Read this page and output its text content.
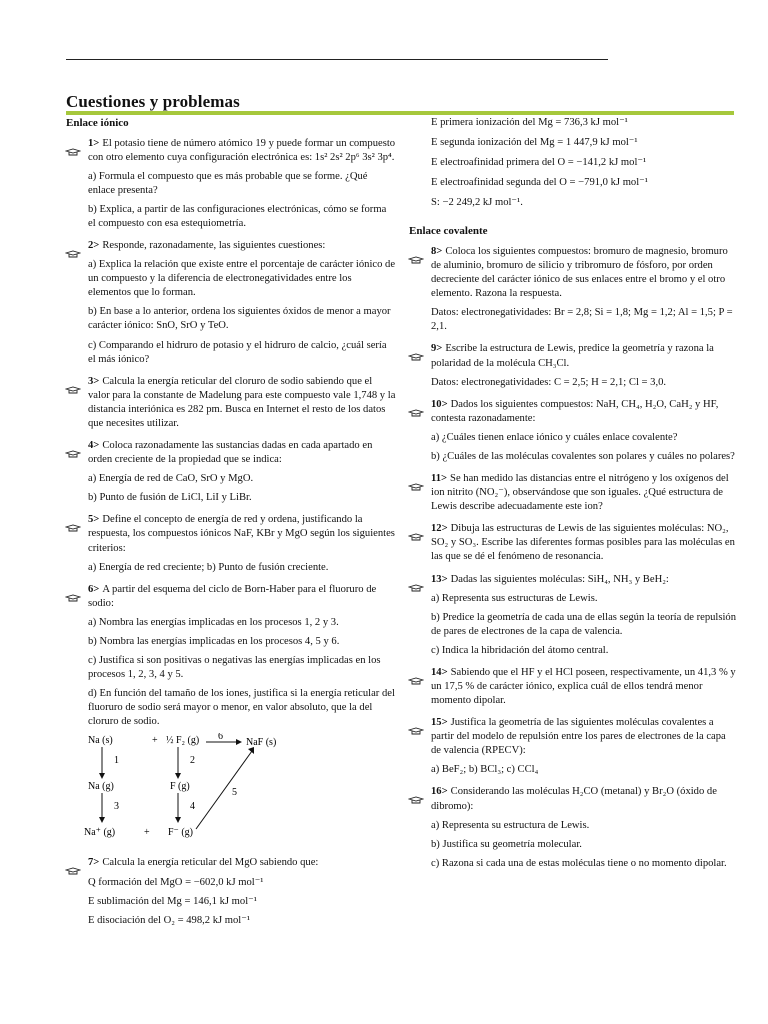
Cuestiones y problemas
Enlace iónico
1> El potasio tiene de número atómico 19 y puede formar un compuesto con otro elemento cuya configuración electrónica es: 1s² 2s² 2p⁶ 3s² 3p⁴.
a) Formula el compuesto que es más probable que se forme. ¿Qué enlace presenta?
b) Explica, a partir de las configuraciones electrónicas, cómo se forma el compuesto con esa estequiometría.
2> Responde, razonadamente, las siguientes cuestiones:
a) Explica la relación que existe entre el porcentaje de carácter iónico de un compuesto y la diferencia de electronegatividades entre los elementos que lo forman.
b) En base a lo anterior, ordena los siguientes óxidos de menor a mayor carácter iónico: SnO, SrO y TeO.
c) Comparando el hidruro de potasio y el hidruro de calcio, ¿cuál sería el más iónico?
3> Calcula la energía reticular del cloruro de sodio sabiendo que el valor para la constante de Madelung para este compuesto vale 1,748 y la distancia interiónica es 282 pm. Busca en Internet el resto de los datos que necesites utilizar.
4> Coloca razonadamente las sustancias dadas en cada apartado en orden creciente de la propiedad que se indica:
a) Energía de red de CaO, SrO y MgO.
b) Punto de fusión de LiCl, LiI y LiBr.
5> Define el concepto de energía de red y ordena, justificando la respuesta, los compuestos iónicos NaF, KBr y MgO según los siguientes criterios:
a) Energía de red creciente; b) Punto de fusión creciente.
6> A partir del esquema del ciclo de Born-Haber para el fluoruro de sodio:
a) Nombra las energías implicadas en los procesos 1, 2 y 3.
b) Nombra las energías implicadas en los procesos 4, 5 y 6.
c) Justifica si son positivas o negativas las energías implicadas en los procesos 1, 2, 3, 4 y 5.
d) En función del tamaño de los iones, justifica si la energía reticular del fluoruro de sodio será mayor o menor, en valor absoluto, que la del cloruro de sodio.
Na (s)	+ ½ F₂ (g) 6
NaF (s)
1	2
Na (g)	F (g)
3	4
5
Na⁺ (g)	+ F⁻ (g)
7> Calcula la energía reticular del MgO sabiendo que:
Q formación del MgO = −602,0 kJ mol⁻¹
E sublimación del Mg = 146,1 kJ mol⁻¹
E disociación del O₂ = 498,2 kJ mol⁻¹

E primera ionización del Mg = 736,3 kJ mol⁻¹

E segunda ionización del Mg = 1 447,9 kJ mol⁻¹

E electroafinidad primera del O = −141,2 kJ mol⁻¹

E electroafinidad segunda del O = −791,0 kJ mol⁻¹

S: −2 249,2 kJ mol⁻¹.

Enlace covalente
8> Coloca los siguientes compuestos: bromuro de magnesio, bromuro de aluminio, bromuro de silicio y tribromuro de fósforo, por orden decreciente del carácter iónico de sus enlaces entre el bromo y el otro elemento. Razona la respuesta.
Datos: electronegatividades: Br = 2,8; Si = 1,8; Mg = 1,2; Al = 1,5; P = 2,1.
9> Escribe la estructura de Lewis, predice la geometría y razona la polaridad de la molécula CH₃Cl.
Datos: electronegatividades: C = 2,5; H = 2,1; Cl = 3,0.
10> Dados los siguientes compuestos: NaH, CH₄, H₂O, CaH₂ y HF, contesta razonadamente:
a) ¿Cuáles tienen enlace iónico y cuáles enlace covalente?
b) ¿Cuáles de las moléculas covalentes son polares y cuáles no polares?
11> Se han medido las distancias entre el nitrógeno y los oxígenos del ion nitrito (NO₂⁻), observándose que son iguales. ¿Qué estructura de Lewis describe adecuadamente este ion?
12> Dibuja las estructuras de Lewis de las siguientes moléculas: NO₂, SO₂ y SO₃. Escribe las diferentes formas posibles para las moléculas en las que se dé el fenómeno de resonancia.
13> Dadas las siguientes moléculas: SiH₄, NH₃ y BeH₂:
a) Representa sus estructuras de Lewis.
b) Predice la geometría de cada una de ellas según la teoría de repulsión de pares de electrones de la capa de valencia.
c) Indica la hibridación del átomo central.
14> Sabiendo que el HF y el HCl poseen, respectivamente, un 41,3 % y un 17,5 % de carácter iónico, explica cuál de ellos tendrá menor momento dipolar.
15> Justifica la geometría de las siguientes moléculas covalentes a partir del modelo de repulsión entre los pares de electrones de la capa de valencia (RPECV):
a) BeF₂; b) BCl₃; c) CCl₄
16> Considerando las moléculas H₂CO (metanal) y Br₂O (óxido de dibromo):
a) Representa su estructura de Lewis.
b) Justifica su geometría molecular.
c) Razona si cada una de estas moléculas tiene o no momento dipolar.
